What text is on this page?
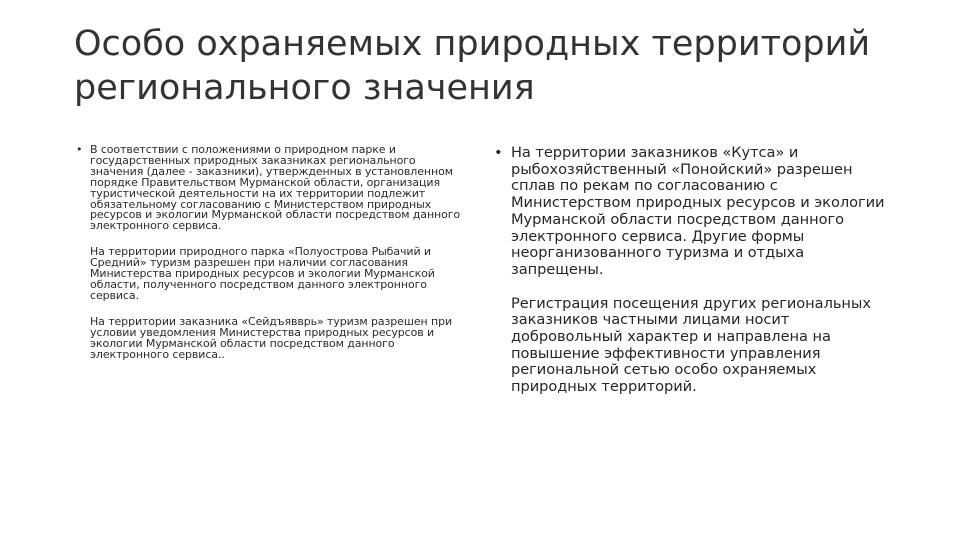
Особо охраняемых природных территорий регионального значения

• В соответствии с положениями о природном парке и государственных природных заказниках регионального значения (далее - заказники), утвержденных в установленном порядке Правительством Мурманской области, организация туристической деятельности на их территории подлежит обязательному согласованию с Министерством природных ресурсов и экологии Мурманской области посредством данного электронного сервиса.

На территории природного парка «Полуострова Рыбачий и Средний» туризм разрешен при наличии согласования Министерства природных ресурсов и экологии Мурманской области, полученного посредством данного электронного сервиса.

На территории заказника «Сейдъявврь» туризм разрешен при условии уведомления Министерства природных ресурсов и экологии Мурманской области посредством данного электронного сервиса..

• На территории заказников «Кутса» и рыбохозяйственный «Понойский» разрешен сплав по рекам по согласованию с Министерством природных ресурсов и экологии Мурманской области посредством данного электронного сервиса. Другие формы неорганизованного туризма и отдыха запрещены.

Регистрация посещения других региональных заказников частными лицами носит добровольный характер и направлена на повышение эффективности управления региональной сетью особо охраняемых природных территорий.
